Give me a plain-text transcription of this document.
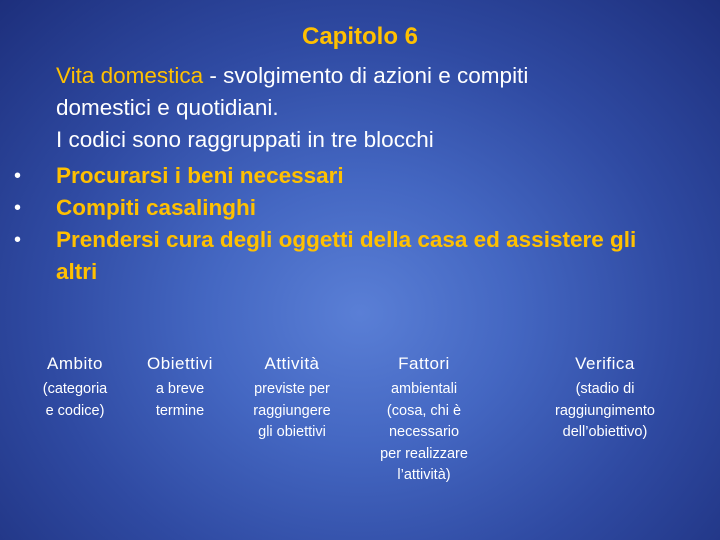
Capitolo 6
Vita domestica - svolgimento di azioni e compiti
domestici e quotidiani.
I codici sono raggruppati in tre blocchi
• Procurarsi i beni necessari
• Compiti casalinghi
• Prendersi cura degli oggetti della casa ed assistere gli altri
Ambito
(categoria
e codice)
Obiettivi
a breve
termine
Attività
previste per
raggiungere
gli obiettivi
Fattori
ambientali
(cosa, chi è
necessario
per realizzare
l’attività)
Verifica
(stadio di
raggiungimento
dell’obiettivo)
